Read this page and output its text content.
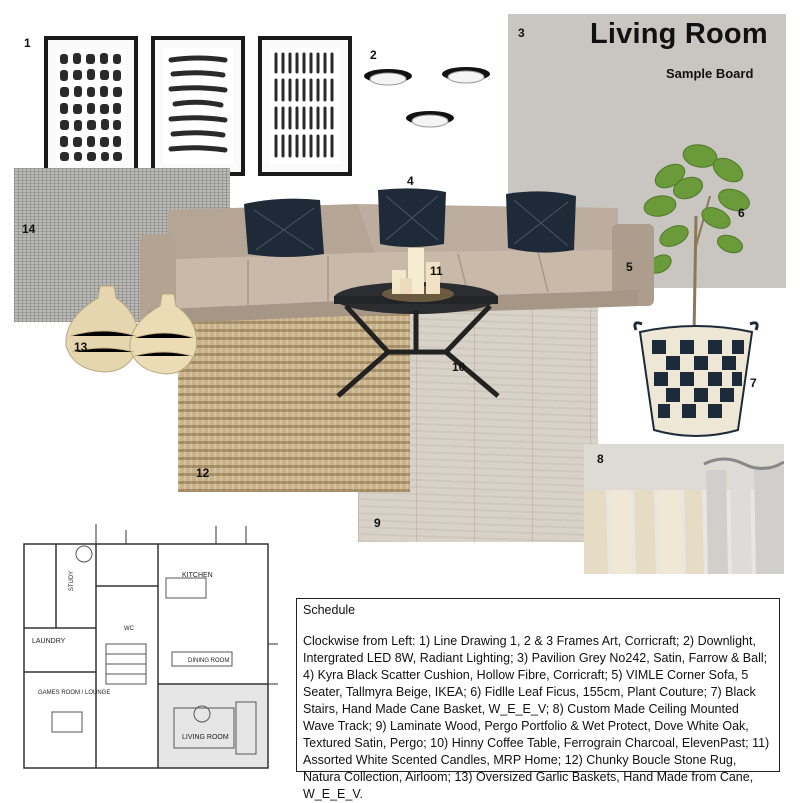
Living Room
Sample Board
1
2
3
4
5
6
7
8
9
10
11
12
13
14
KITCHEN
STUDY
LAUNDRY
WC
DINING ROOM
GAMES ROOM / LOUNGE
LIVING ROOM

Schedule

Clockwise from Left: 1) Line Drawing 1, 2 & 3 Frames Art, Corricraft; 2) Downlight, Intergrated LED 8W, Radiant Lighting; 3) Pavilion Grey No242, Satin, Farrow & Ball; 4) Kyra Black Scatter Cushion, Hollow Fibre, Corricraft; 5) VIMLE Corner Sofa, 5 Seater, Tallmyra Beige, IKEA; 6) Fidlle Leaf Ficus, 155cm, Plant Couture; 7) Black Stairs, Hand Made Cane Basket, W_E_E_V; 8) Custom Made Ceiling Mounted Wave Track; 9) Laminate Wood, Pergo Portfolio & Wet Protect, Dove White Oak, Textured Satin, Pergo; 10) Hinny Coffee Table, Ferrograin Charcoal, ElevenPast; 11) Assorted White Scented Candles, MRP Home; 12) Chunky Boucle Stone Rug, Natura Collection, Airloom; 13) Oversized Garlic Baskets, Hand Made from Cane, W_E_E_V.
